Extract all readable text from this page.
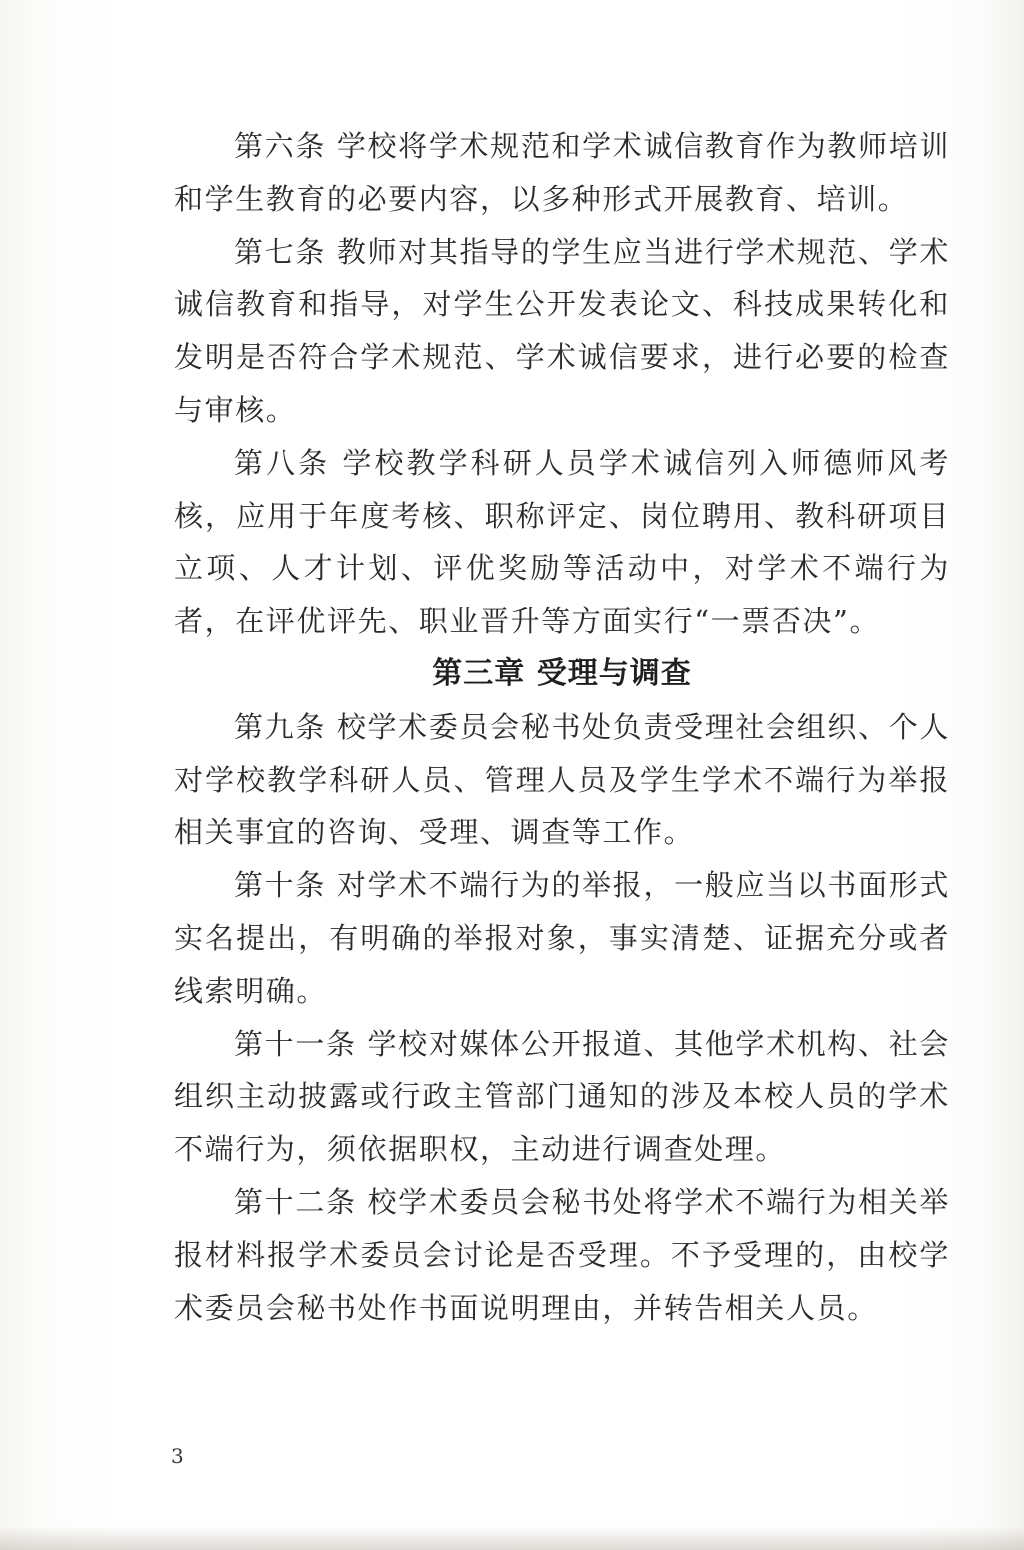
第六条 学校将学术规范和学术诚信教育作为教师培训和学生教育的必要内容，以多种形式开展教育、培训。

第七条 教师对其指导的学生应当进行学术规范、学术诚信教育和指导，对学生公开发表论文、科技成果转化和发明是否符合学术规范、学术诚信要求，进行必要的检查与审核。

第八条 学校教学科研人员学术诚信列入师德师风考核，应用于年度考核、职称评定、岗位聘用、教科研项目立项、人才计划、评优奖励等活动中，对学术不端行为者，在评优评先、职业晋升等方面实行“一票否决”。

第三章 受理与调查

第九条 校学术委员会秘书处负责受理社会组织、个人对学校教学科研人员、管理人员及学生学术不端行为举报相关事宜的咨询、受理、调查等工作。

第十条 对学术不端行为的举报，一般应当以书面形式实名提出，有明确的举报对象，事实清楚、证据充分或者线索明确。

第十一条 学校对媒体公开报道、其他学术机构、社会组织主动披露或行政主管部门通知的涉及本校人员的学术不端行为，须依据职权，主动进行调查处理。

第十二条 校学术委员会秘书处将学术不端行为相关举报材料报学术委员会讨论是否受理。不予受理的，由校学术委员会秘书处作书面说明理由，并转告相关人员。

3
